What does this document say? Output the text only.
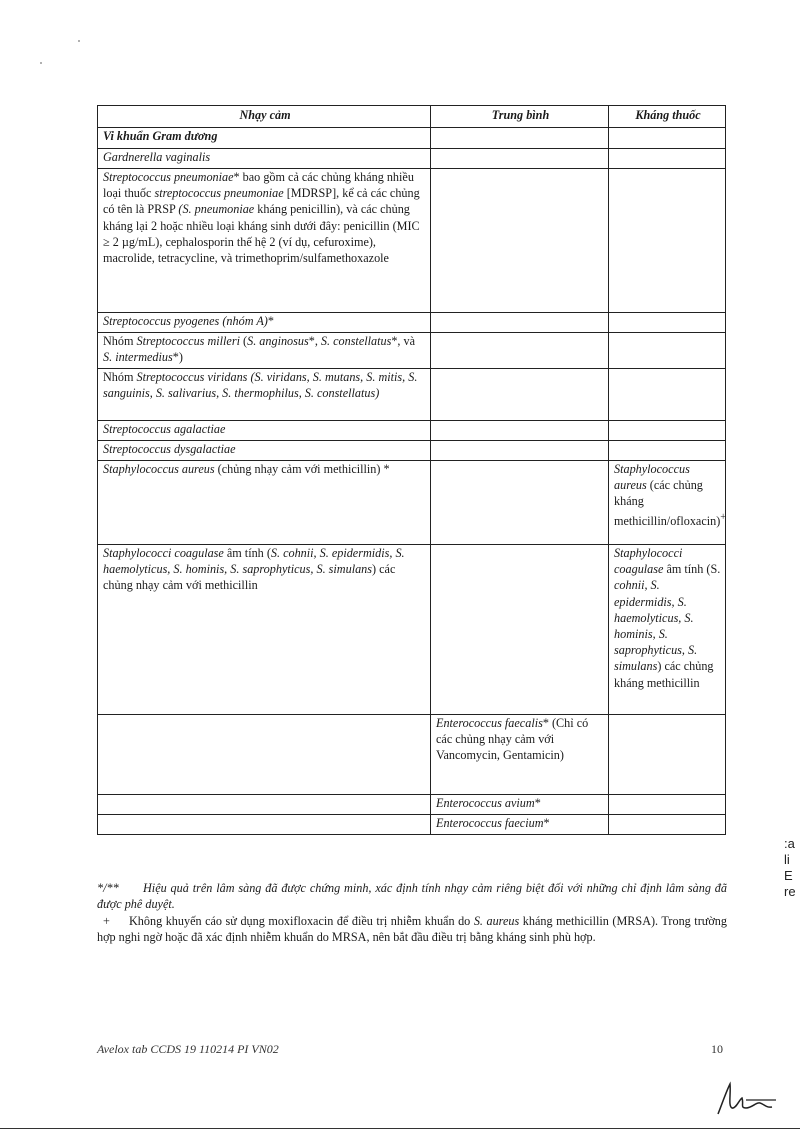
Nhạy cảm	Trung bình	Kháng thuốc
Vi khuẩn Gram dương		
Gardnerella vaginalis		
Streptococcus pneumoniae* bao gồm cả các chủng kháng nhiều loại thuốc streptococcus pneumoniae [MDRSP], kể cả các chủng có tên là PRSP (S. pneumoniae kháng penicillin), và các chủng kháng lại 2 hoặc nhiều loại kháng sinh dưới đây: penicillin (MIC ≥ 2 µg/mL), cephalosporin thế hệ 2 (ví dụ, cefuroxime), macrolide, tetracycline, và trimethoprim/sulfamethoxazole		
Streptococcus pyogenes (nhóm A)*		
Nhóm Streptococcus milleri (S. anginosus*, S. constellatus*, và S. intermedius*)		
Nhóm Streptococcus viridans (S. viridans, S. mutans, S. mitis, S. sanguinis, S. salivarius, S. thermophilus, S. constellatus)		
Streptococcus agalactiae		
Streptococcus dysgalactiae		
Staphylococcus aureus (chủng nhạy cảm với methicillin) *		Staphylococcus aureus (các chủng kháng methicillin/ofloxacin)+
Staphylococci coagulase âm tính (S. cohnii, S. epidermidis, S. haemolyticus, S. hominis, S. saprophyticus, S. simulans) các chủng nhạy cảm với methicillin		Staphylococci coagulase âm tính (S. cohnii, S. epidermidis, S. haemolyticus, S. hominis, S. saprophyticus, S. simulans) các chủng kháng methicillin
	Enterococcus faecalis* (Chỉ có các chủng nhạy cảm với Vancomycin, Gentamicin)	
	Enterococcus avium*	
	Enterococcus faecium*	

*/** Hiệu quả trên lâm sàng đã được chứng minh, xác định tính nhạy cảm riêng biệt đối với những chỉ định lâm sàng đã được phê duyệt.

+ Không khuyến cáo sử dụng moxifloxacin để điều trị nhiễm khuẩn do S. aureus kháng methicillin (MRSA). Trong trường hợp nghi ngờ hoặc đã xác định nhiễm khuẩn do MRSA, nên bắt đầu điều trị bằng kháng sinh phù hợp.

Avelox tab CCDS 19 110214 PI VN02	10
:a
li
E
re
